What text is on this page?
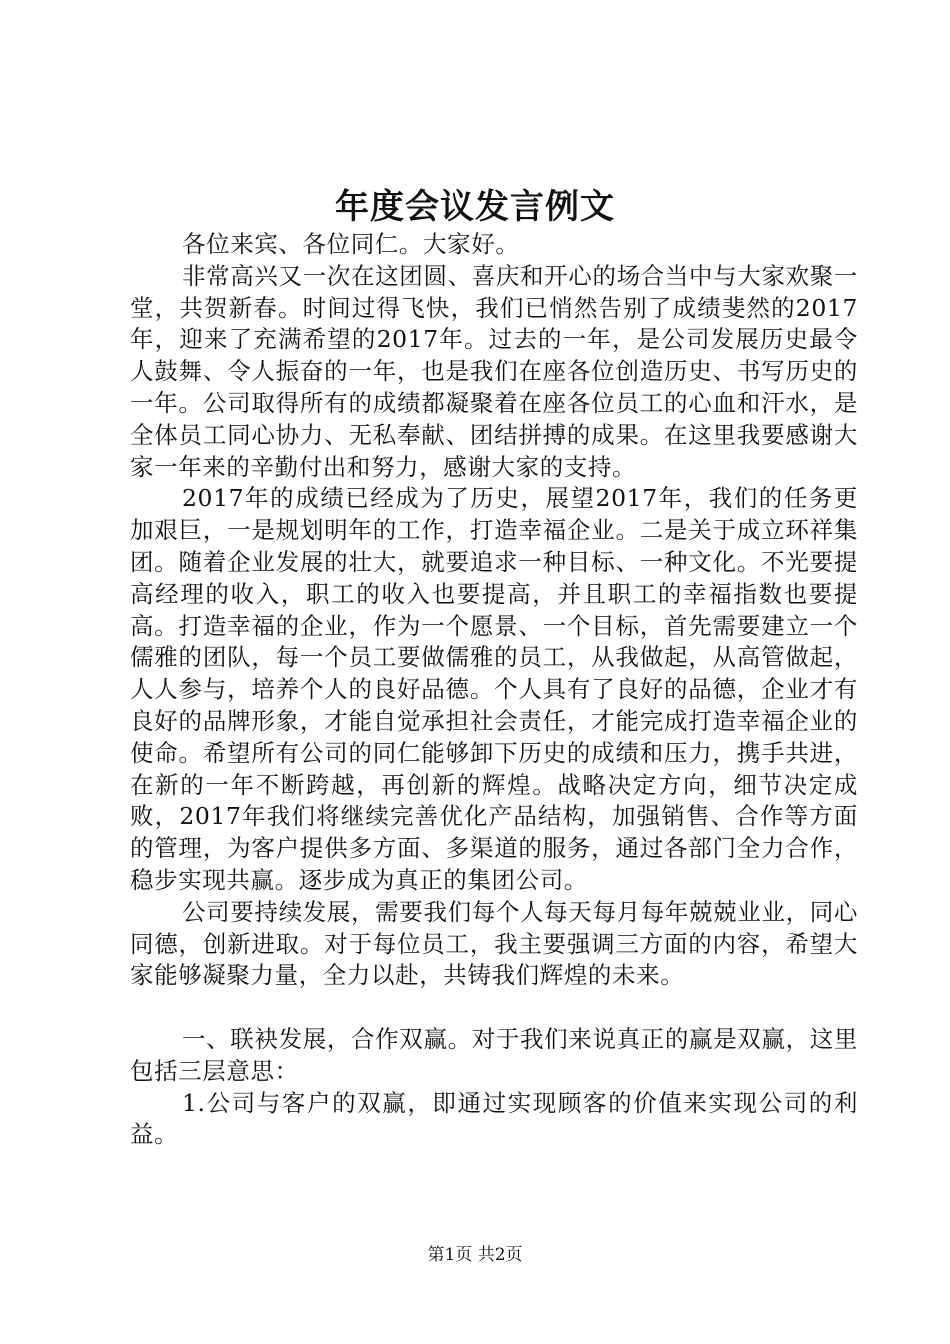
年度会议发言例文

各位来宾、各位同仁。大家好。

非常高兴又一次在这团圆、喜庆和开心的场合当中与大家欢聚一堂，共贺新春。时间过得飞快，我们已悄然告别了成绩斐然的2017年，迎来了充满希望的2017年。过去的一年，是公司发展历史最令人鼓舞、令人振奋的一年，也是我们在座各位创造历史、书写历史的一年。公司取得所有的成绩都凝聚着在座各位员工的心血和汗水，是全体员工同心协力、无私奉献、团结拼搏的成果。在这里我要感谢大家一年来的辛勤付出和努力，感谢大家的支持。

2017年的成绩已经成为了历史，展望2017年，我们的任务更加艰巨，一是规划明年的工作，打造幸福企业。二是关于成立环祥集团。随着企业发展的壮大，就要追求一种目标、一种文化。不光要提高经理的收入，职工的收入也要提高，并且职工的幸福指数也要提高。打造幸福的企业，作为一个愿景、一个目标，首先需要建立一个儒雅的团队，每一个员工要做儒雅的员工，从我做起，从高管做起，人人参与，培养个人的良好品德。个人具有了良好的品德，企业才有良好的品牌形象，才能自觉承担社会责任，才能完成打造幸福企业的使命。希望所有公司的同仁能够卸下历史的成绩和压力，携手共进，在新的一年不断跨越，再创新的辉煌。战略决定方向，细节决定成败，2017年我们将继续完善优化产品结构，加强销售、合作等方面的管理，为客户提供多方面、多渠道的服务，通过各部门全力合作，稳步实现共赢。逐步成为真正的集团公司。

公司要持续发展，需要我们每个人每天每月每年兢兢业业，同心同德，创新进取。对于每位员工，我主要强调三方面的内容，希望大家能够凝聚力量，全力以赴，共铸我们辉煌的未来。

一、联袂发展，合作双赢。对于我们来说真正的赢是双赢，这里包括三层意思：

1.公司与客户的双赢，即通过实现顾客的价值来实现公司的利益。

第1页 共2页
